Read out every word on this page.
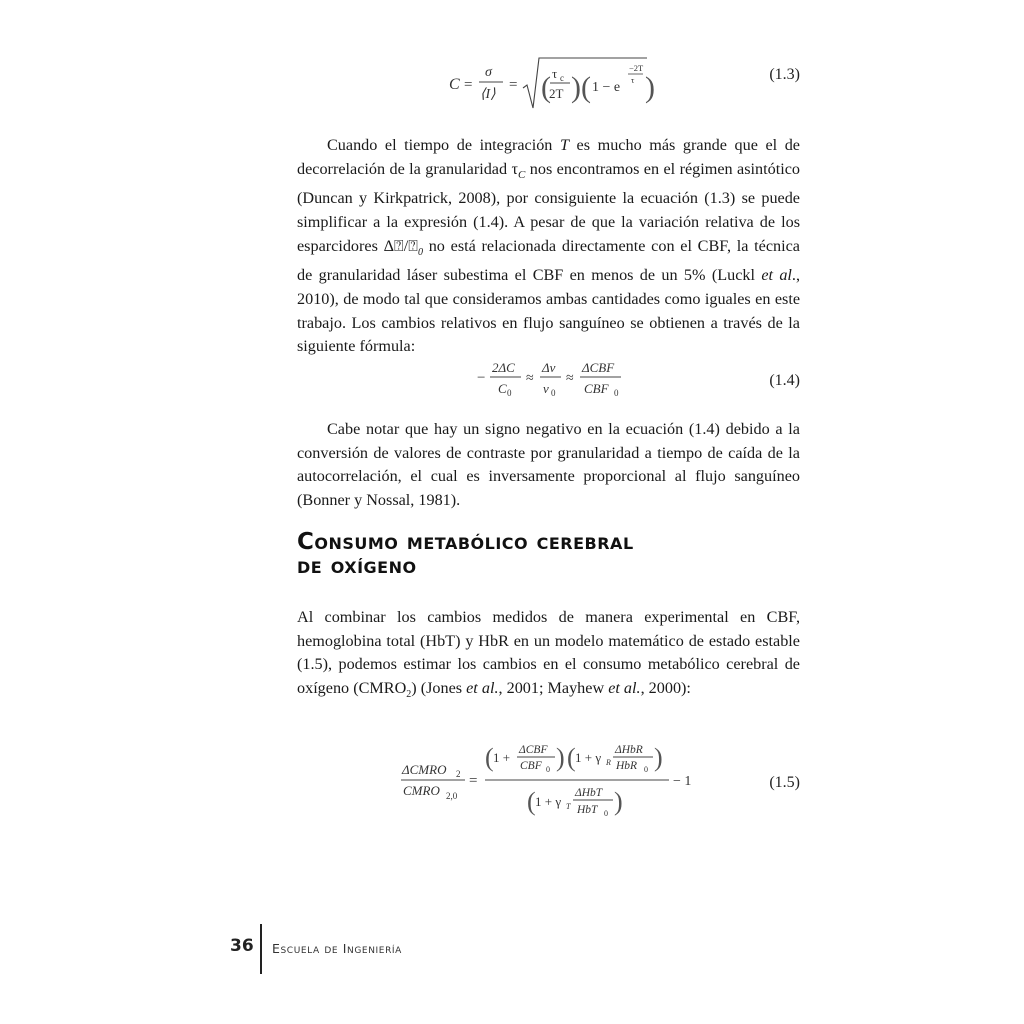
C =
σ
⟨I⟩
= ( τ c
2T ) ( 1 − e
−2T
τ )	(1.3)

Cuando el tiempo de integración T es mucho más grande que el de decorrelación de la granularidad $\tau_C$ nos encontramos en el régimen asintótico (Duncan y Kirkpatrick, 2008), por consiguiente la ecuación (1.3) se puede simplificar a la expresión (1.4). A pesar de que la variación relativa de los esparcidores $\Delta⍰/⍰_0$ no está relacionada directamente con el CBF, la técnica de granularidad láser subestima el CBF en menos de un 5% (Luckl et al., 2010), de modo tal que consideramos ambas cantidades como iguales en este trabajo. Los cambios relativos en flujo sanguíneo se obtienen a través de la siguiente fórmula:

−
2ΔC
C 0
≈
Δv
v 0
≈
ΔCBF
CBF 0
(1.4)

Cabe notar que hay un signo negativo en la ecuación (1.4) debido a la conversión de valores de contraste por granularidad a tiempo de caída de la autocorrelación, el cual es inversamente proporcional al flujo sanguíneo (Bonner y Nossal, 1981).

Consumo metabólico cerebral
de oxígeno

Al combinar los cambios medidos de manera experimental en CBF, hemoglobina total (HbT) y HbR en un modelo matemático de estado estable (1.5), podemos estimar los cambios en el consumo metabólico cerebral de oxígeno $(CMRO_2)$ (Jones et al., 2001; Mayhew et al., 2000):

ΔCMRO 2
CMRO 2,0
=
( 1 + ΔCBF
CBF 0 ) ( 1 + γ R
ΔHbR
HbR 0 )
( 1 + γ T
ΔHbT
HbT 0 )
− 1	(1.5)
36 Escuela de Ingeniería
